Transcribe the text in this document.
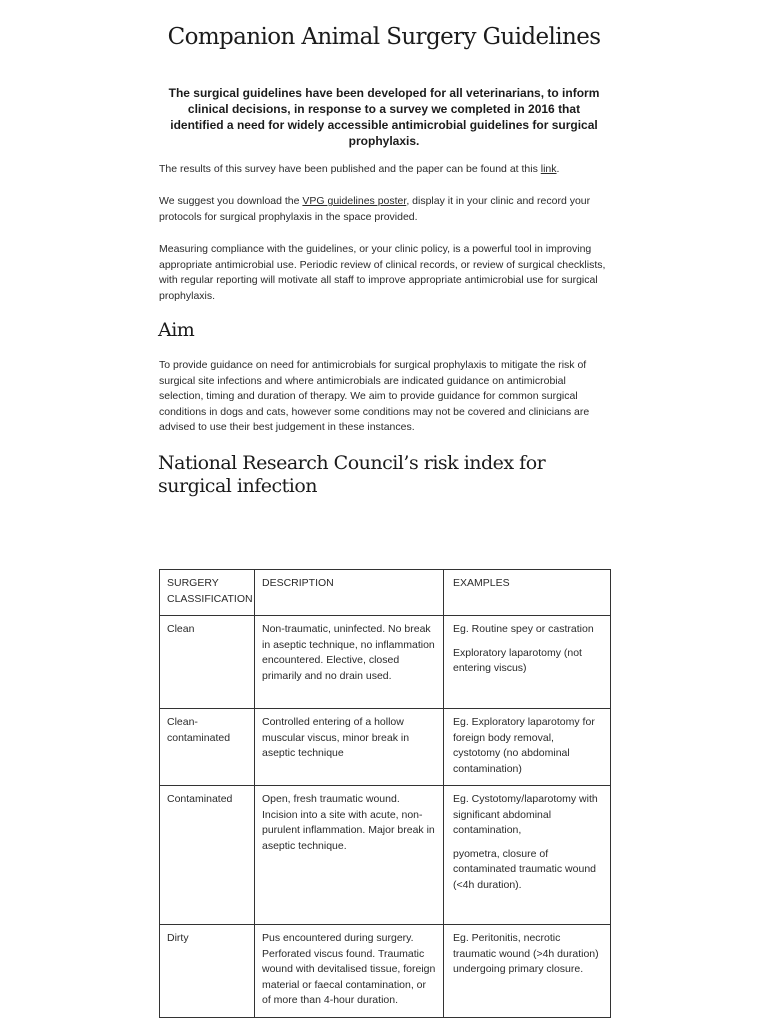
Companion Animal Surgery Guidelines
The surgical guidelines have been developed for all veterinarians, to inform clinical decisions, in response to a survey we completed in 2016 that identified a need for widely accessible antimicrobial guidelines for surgical prophylaxis.
The results of this survey have been published and the paper can be found at this link.
We suggest you download the VPG guidelines poster, display it in your clinic and record your protocols for surgical prophylaxis in the space provided.
Measuring compliance with the guidelines, or your clinic policy, is a powerful tool in improving appropriate antimicrobial use. Periodic review of clinical records, or review of surgical checklists, with regular reporting will motivate all staff to improve appropriate antimicrobial use for surgical prophylaxis.
Aim
To provide guidance on need for antimicrobials for surgical prophylaxis to mitigate the risk of surgical site infections and where antimicrobials are indicated guidance on antimicrobial selection, timing and duration of therapy. We aim to provide guidance for common surgical conditions in dogs and cats, however some conditions may not be covered and clinicians are advised to use their best judgement in these instances.
National Research Council’s risk index for surgical infection
SURGERY CLASSIFICATION	DESCRIPTION	EXAMPLES
Clean	Non-traumatic, uninfected. No break in aseptic technique, no inflammation encountered. Elective, closed primarily and no drain used.	Eg. Routine spey or castration

Exploratory laparotomy (not entering viscus)

Clean-contaminated	Controlled entering of a hollow muscular viscus, minor break in aseptic technique	Eg. Exploratory laparotomy for foreign body removal, cystotomy (no abdominal contamination)

Contaminated	Open, fresh traumatic wound. Incision into a site with acute, non-purulent inflammation. Major break in aseptic technique.	Eg. Cystotomy/laparotomy with significant abdominal contamination,

pyometra, closure of contaminated traumatic wound (<4h duration).

Dirty	Pus encountered during surgery. Perforated viscus found. Traumatic wound with devitalised tissue, foreign material or faecal contamination, or of more than 4-hour duration.	Eg. Peritonitis, necrotic traumatic wound (>4h duration) undergoing primary closure.
